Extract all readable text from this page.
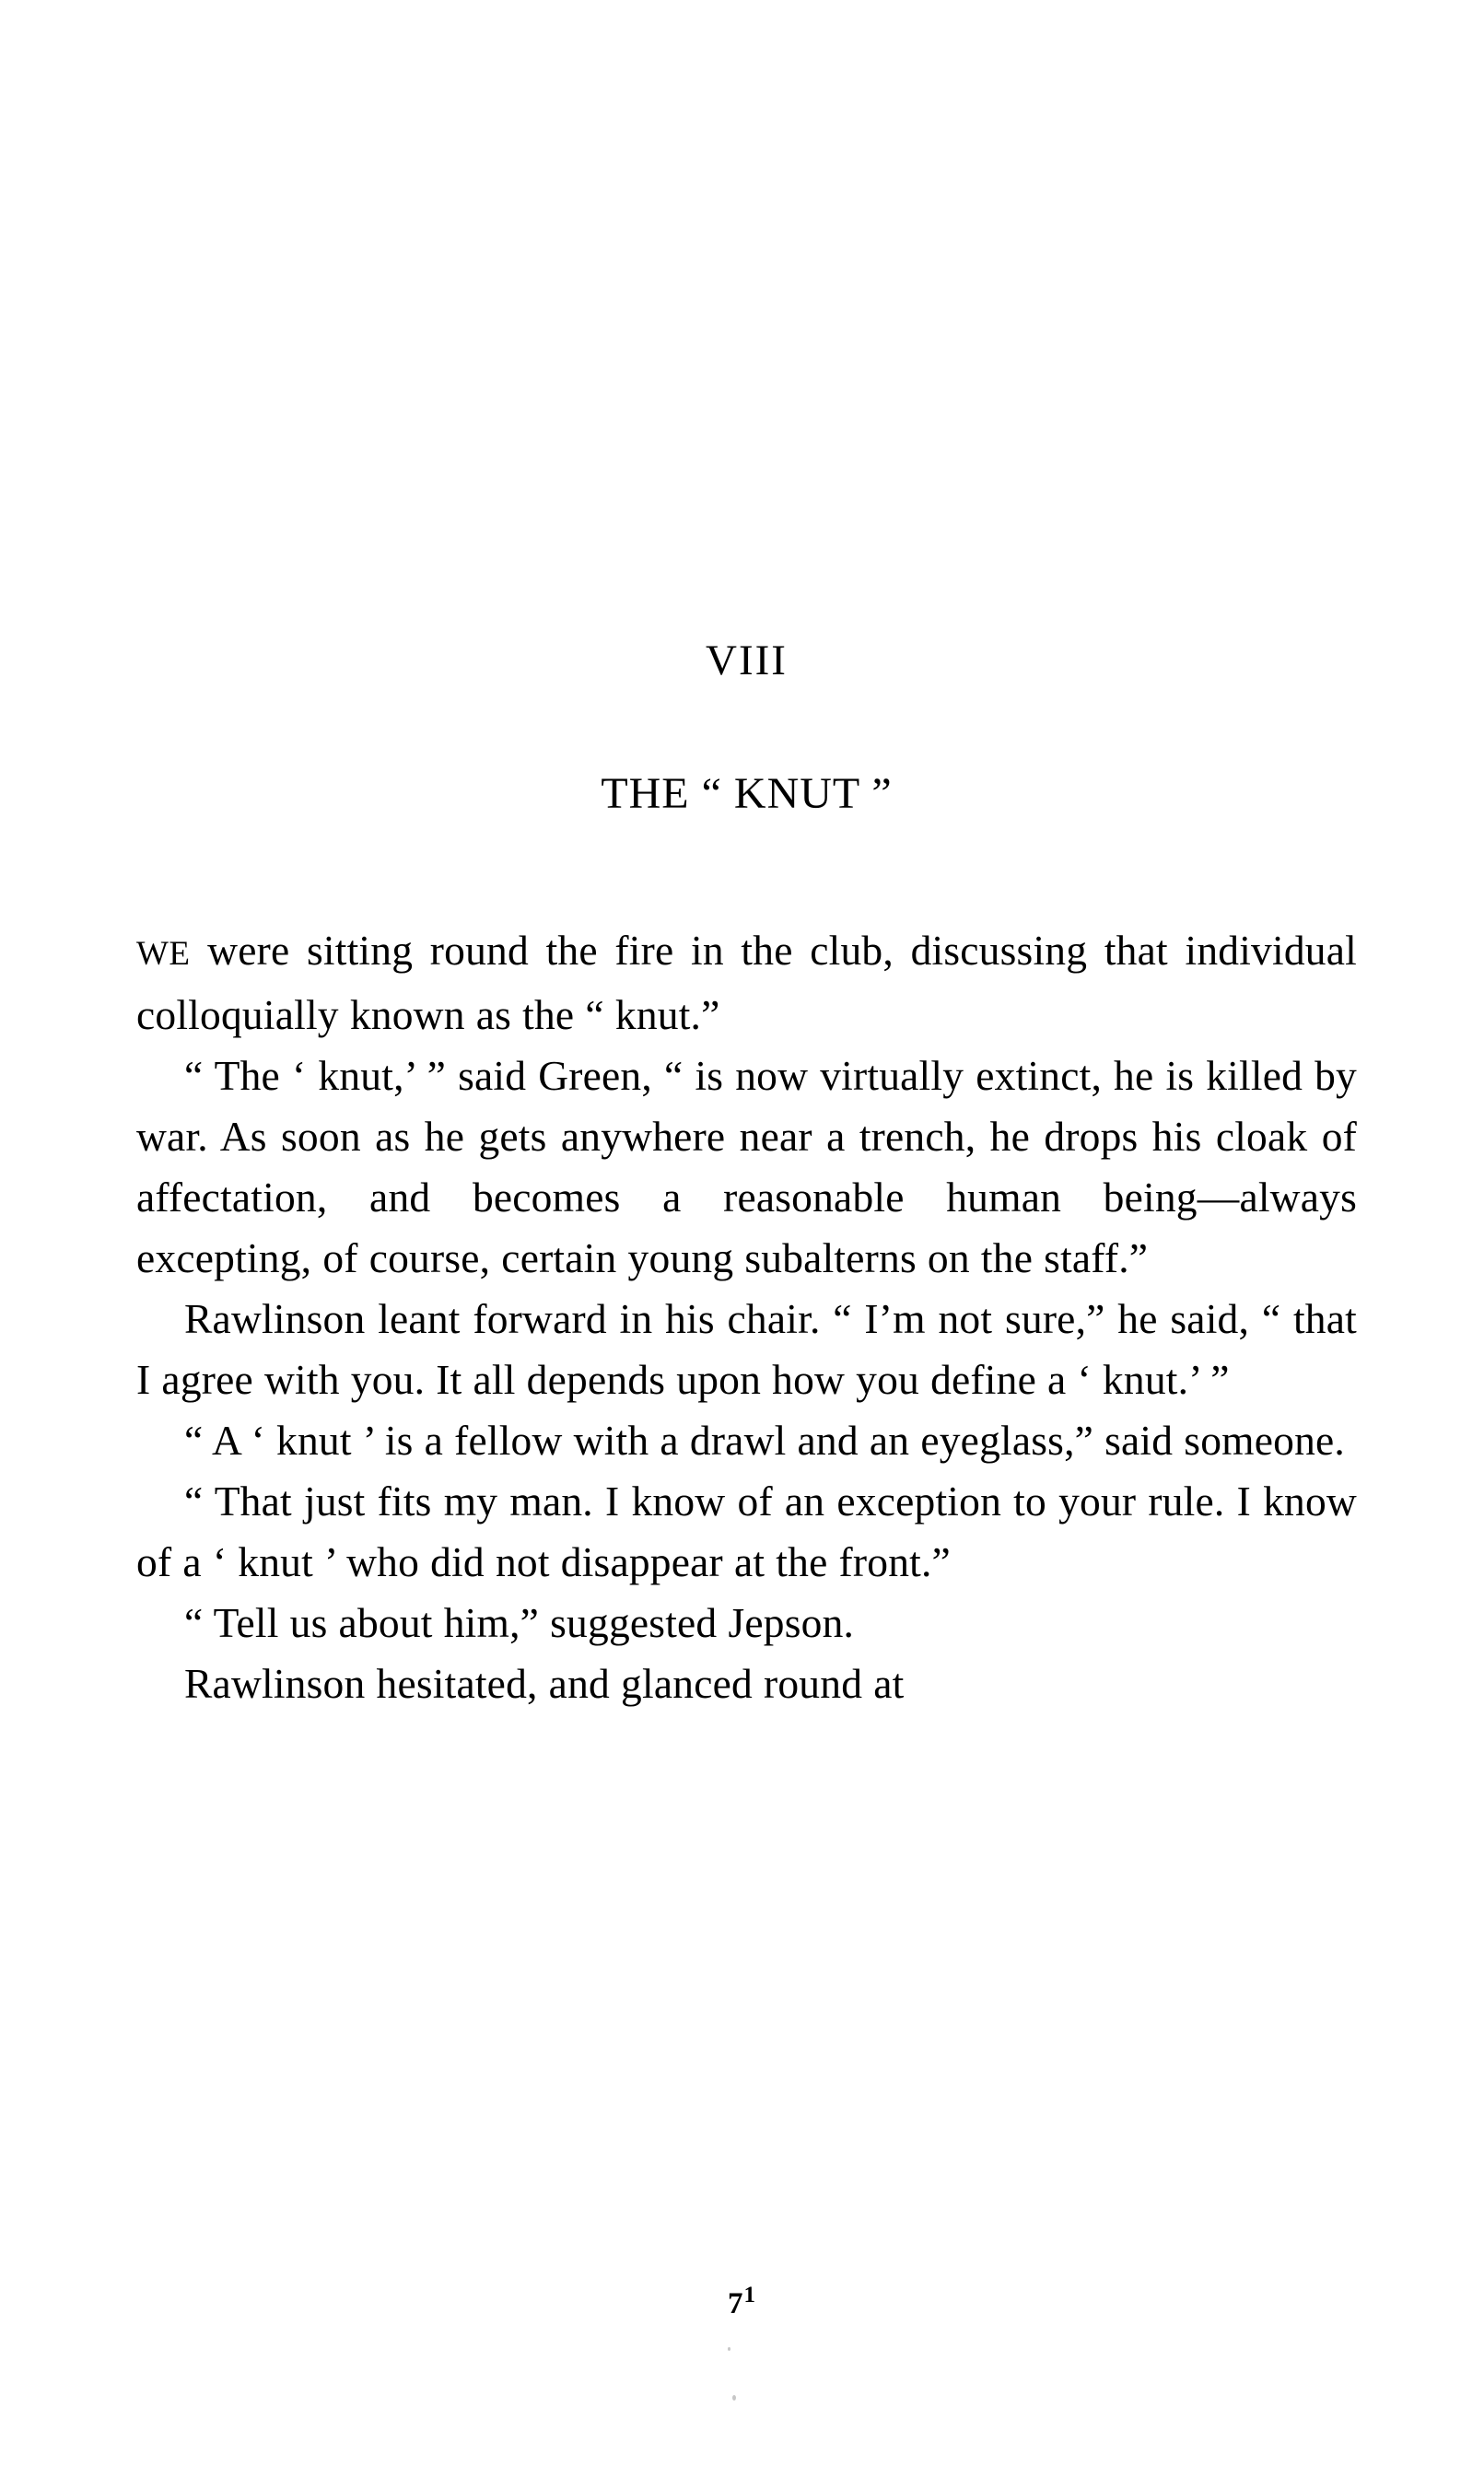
VIII
THE “ KNUT ”

WE were sitting round the fire in the club, discussing that individual colloquially known as the “ knut.”

“ The ‘ knut,’ ” said Green, “ is now virtually extinct, he is killed by war. As soon as he gets anywhere near a trench, he drops his cloak of affectation, and becomes a reasonable human being—always excepting, of course, certain young subalterns on the staff.”

Rawlinson leant forward in his chair. “ I’m not sure,” he said, “ that I agree with you. It all depends upon how you define a ‘ knut.’ ”

“ A ‘ knut ’ is a fellow with a drawl and an eyeglass,” said someone.

“ That just fits my man. I know of an exception to your rule. I know of a ‘ knut ’ who did not disappear at the front.”

“ Tell us about him,” suggested Jepson.

Rawlinson hesitated, and glanced round at

$7^1$
